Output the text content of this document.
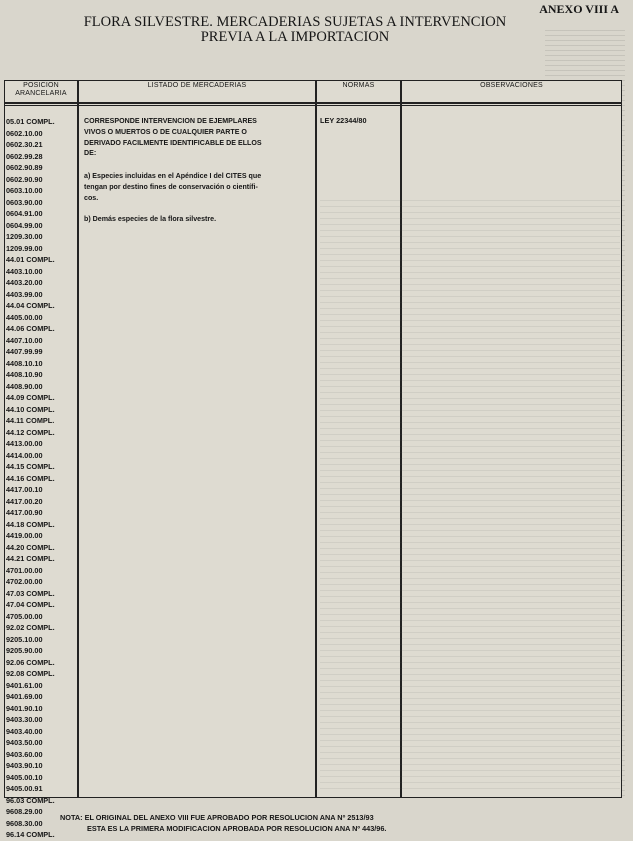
ANEXO VIII A
FLORA SILVESTRE. MERCADERIAS SUJETAS A INTERVENCION
PREVIA A LA IMPORTACION
POSICION
ARANCELARIA
LISTADO DE MERCADERIAS	NORMAS	OBSERVACIONES
05.01 COMPL.
0602.10.00
0602.30.21
0602.99.28
0602.90.89
0602.90.90
0603.10.00
0603.90.00
0604.91.00
0604.99.00
1209.30.00
1209.99.00
44.01 COMPL.
4403.10.00
4403.20.00
4403.99.00
44.04 COMPL.
4405.00.00
44.06 COMPL.
4407.10.00
4407.99.99
4408.10.10
4408.10.90
4408.90.00
44.09 COMPL.
44.10 COMPL.
44.11 COMPL.
44.12 COMPL.
4413.00.00
4414.00.00
44.15 COMPL.
44.16 COMPL.
4417.00.10
4417.00.20
4417.00.90
44.18 COMPL.
4419.00.00
44.20 COMPL.
44.21 COMPL.
4701.00.00
4702.00.00
47.03 COMPL.
47.04 COMPL.
4705.00.00
92.02 COMPL.
9205.10.00
9205.90.00
92.06 COMPL.
92.08 COMPL.
9401.61.00
9401.69.00
9401.90.10
9403.30.00
9403.40.00
9403.50.00
9403.60.00
9403.90.10
9405.00.10
9405.00.91
96.03 COMPL.
9608.29.00
9608.30.00
96.14 COMPL.

CORRESPONDE INTERVENCION DE EJEMPLARES

VIVOS O MUERTOS O DE CUALQUIER PARTE O

DERIVADO FACILMENTE IDENTIFICABLE DE ELLOS

DE:

a) Especies incluidas en el Apéndice I del CITES que

tengan por destino fines de conservación o científi-

cos.

b) Demás especies de la flora silvestre.

LEY 22344/80
NOTA: EL ORIGINAL DEL ANEXO VIII FUE APROBADO POR RESOLUCION ANA Nº 2513/93
ESTA ES LA PRIMERA MODIFICACION APROBADA POR RESOLUCION ANA Nº 443/96.
